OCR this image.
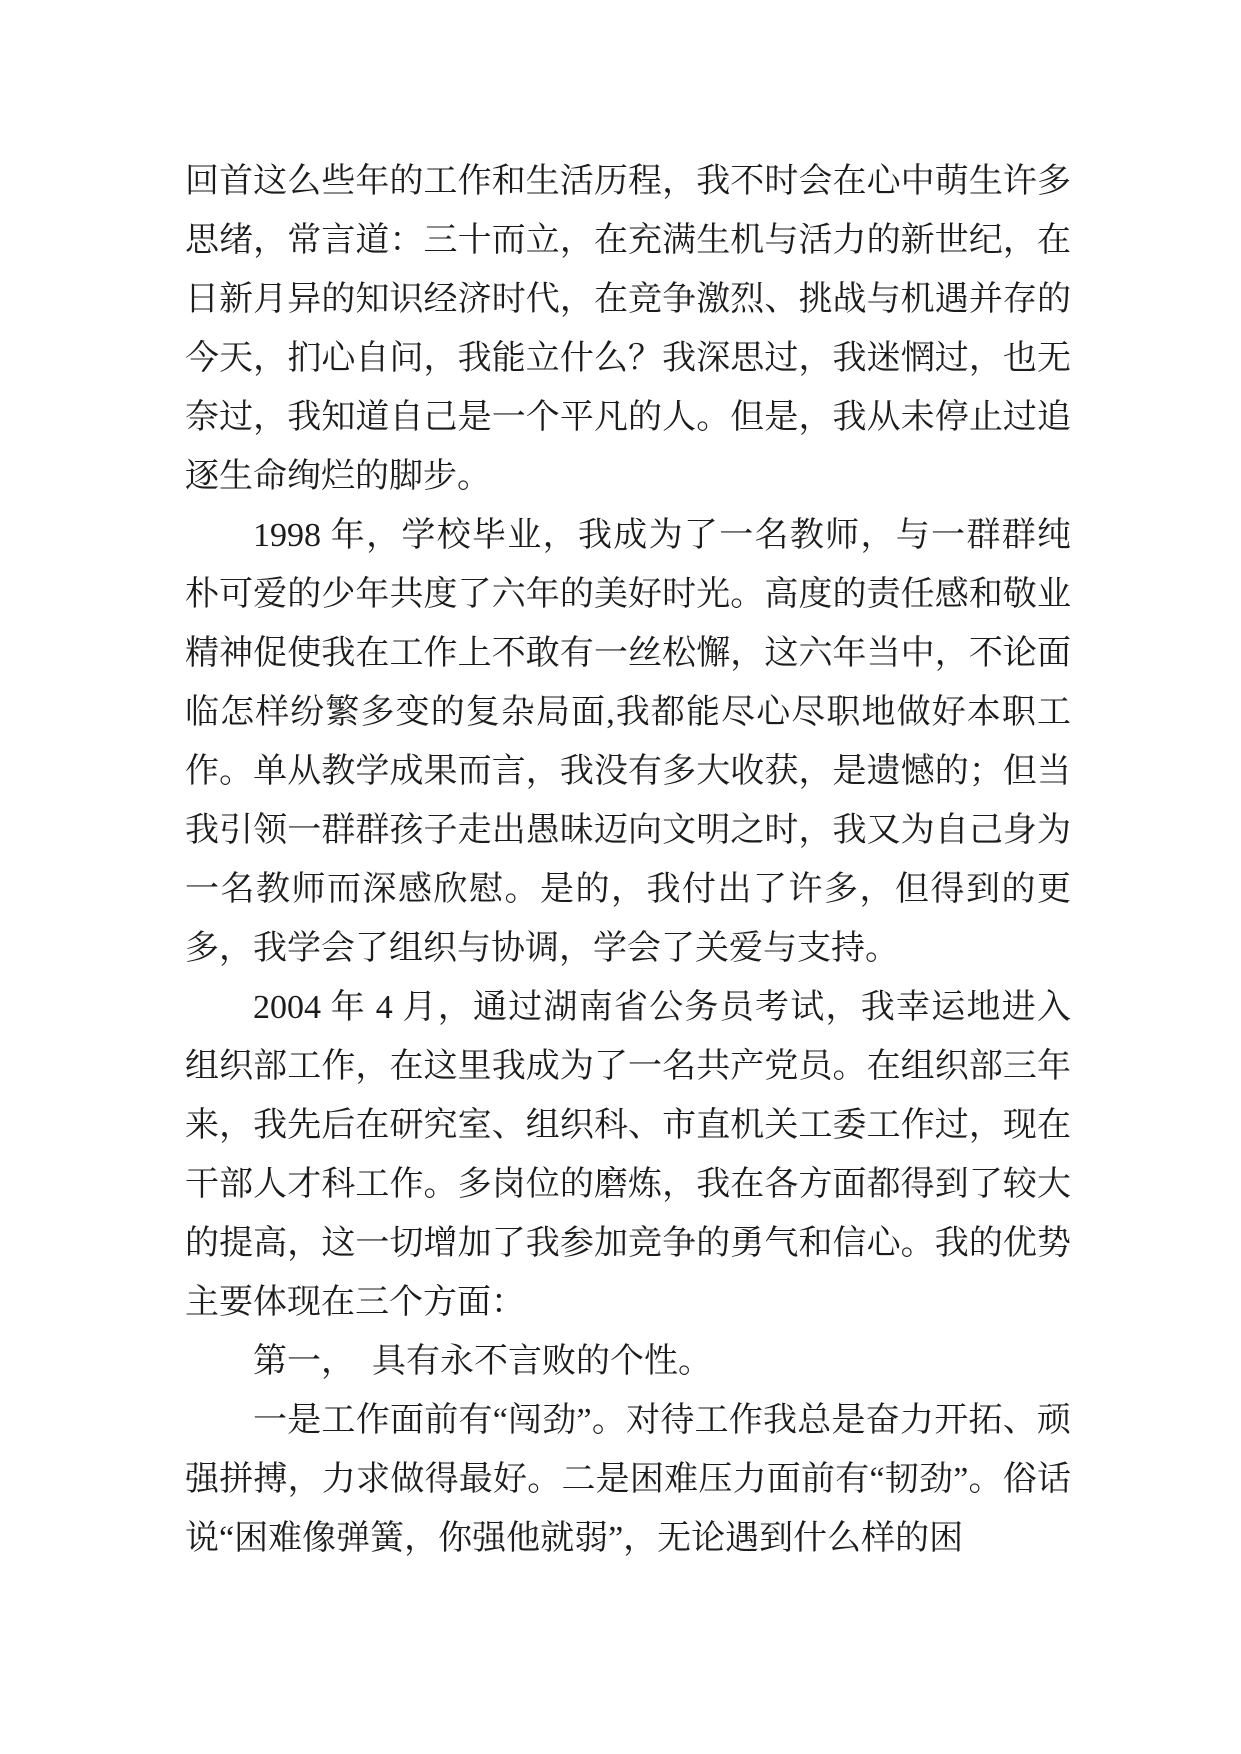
回首这么些年的工作和生活历程，我不时会在心中萌生许多思绪，常言道：三十而立，在充满生机与活力的新世纪，在日新月异的知识经济时代，在竞争激烈、挑战与机遇并存的今天，扪心自问，我能立什么？我深思过，我迷惘过，也无奈过，我知道自己是一个平凡的人。但是，我从未停止过追逐生命绚烂的脚步。

1998 年，学校毕业，我成为了一名教师，与一群群纯朴可爱的少年共度了六年的美好时光。高度的责任感和敬业精神促使我在工作上不敢有一丝松懈，这六年当中，不论面临怎样纷繁多变的复杂局面,我都能尽心尽职地做好本职工作。单从教学成果而言，我没有多大收获，是遗憾的；但当我引领一群群孩子走出愚昧迈向文明之时，我又为自己身为一名教师而深感欣慰。是的，我付出了许多，但得到的更多，我学会了组织与协调，学会了关爱与支持。

2004 年 4 月，通过湖南省公务员考试，我幸运地进入组织部工作，在这里我成为了一名共产党员。在组织部三年来，我先后在研究室、组织科、市直机关工委工作过，现在干部人才科工作。多岗位的磨炼，我在各方面都得到了较大的提高，这一切增加了我参加竞争的勇气和信心。我的优势主要体现在三个方面：

第一，　具有永不言败的个性。

一是工作面前有“闯劲”。对待工作我总是奋力开拓、顽强拼搏，力求做得最好。二是困难压力面前有“韧劲”。俗话说“困难像弹簧，你强他就弱”，无论遇到什么样的困
